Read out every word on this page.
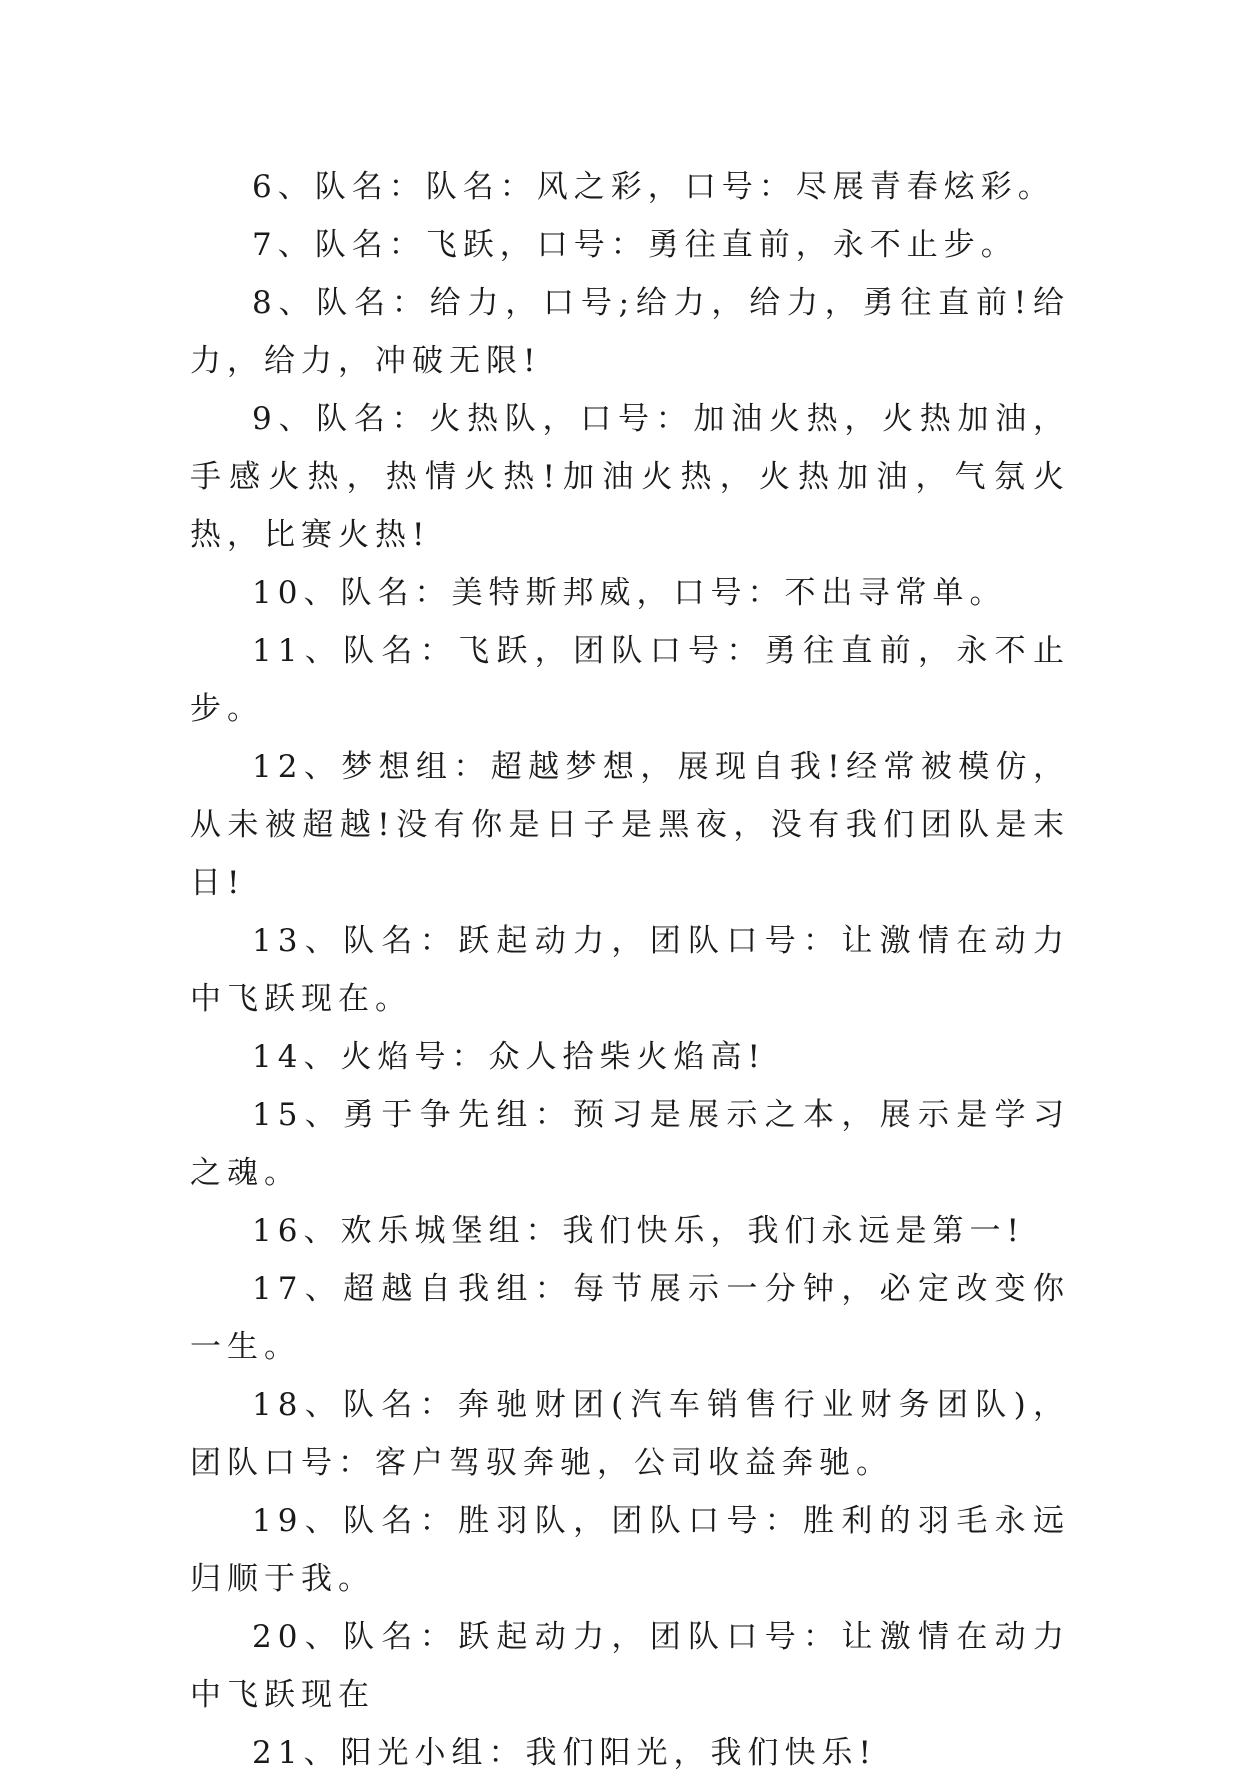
6、队名：队名：风之彩，口号：尽展青春炫彩。

7、队名：飞跃，口号：勇往直前，永不止步。

8、队名：给力，口号;给力，给力，勇往直前!给力，给力，冲破无限!

9、队名：火热队，口号：加油火热，火热加油，手感火热，热情火热!加油火热，火热加油，气氛火热，比赛火热!

10、队名：美特斯邦威，口号：不出寻常单。

11、队名：飞跃，团队口号：勇往直前，永不止步。

12、梦想组：超越梦想，展现自我!经常被模仿，从未被超越!没有你是日子是黑夜，没有我们团队是末日!

13、队名：跃起动力，团队口号：让激情在动力中飞跃现在。

14、火焰号：众人拾柴火焰高!

15、勇于争先组：预习是展示之本，展示是学习之魂。

16、欢乐城堡组：我们快乐，我们永远是第一!

17、超越自我组：每节展示一分钟，必定改变你一生。

18、队名：奔驰财团(汽车销售行业财务团队)，团队口号：客户驾驭奔驰，公司收益奔驰。

19、队名：胜羽队，团队口号：胜利的羽毛永远归顺于我。

20、队名：跃起动力，团队口号：让激情在动力中飞跃现在

21、阳光小组：我们阳光，我们快乐!
